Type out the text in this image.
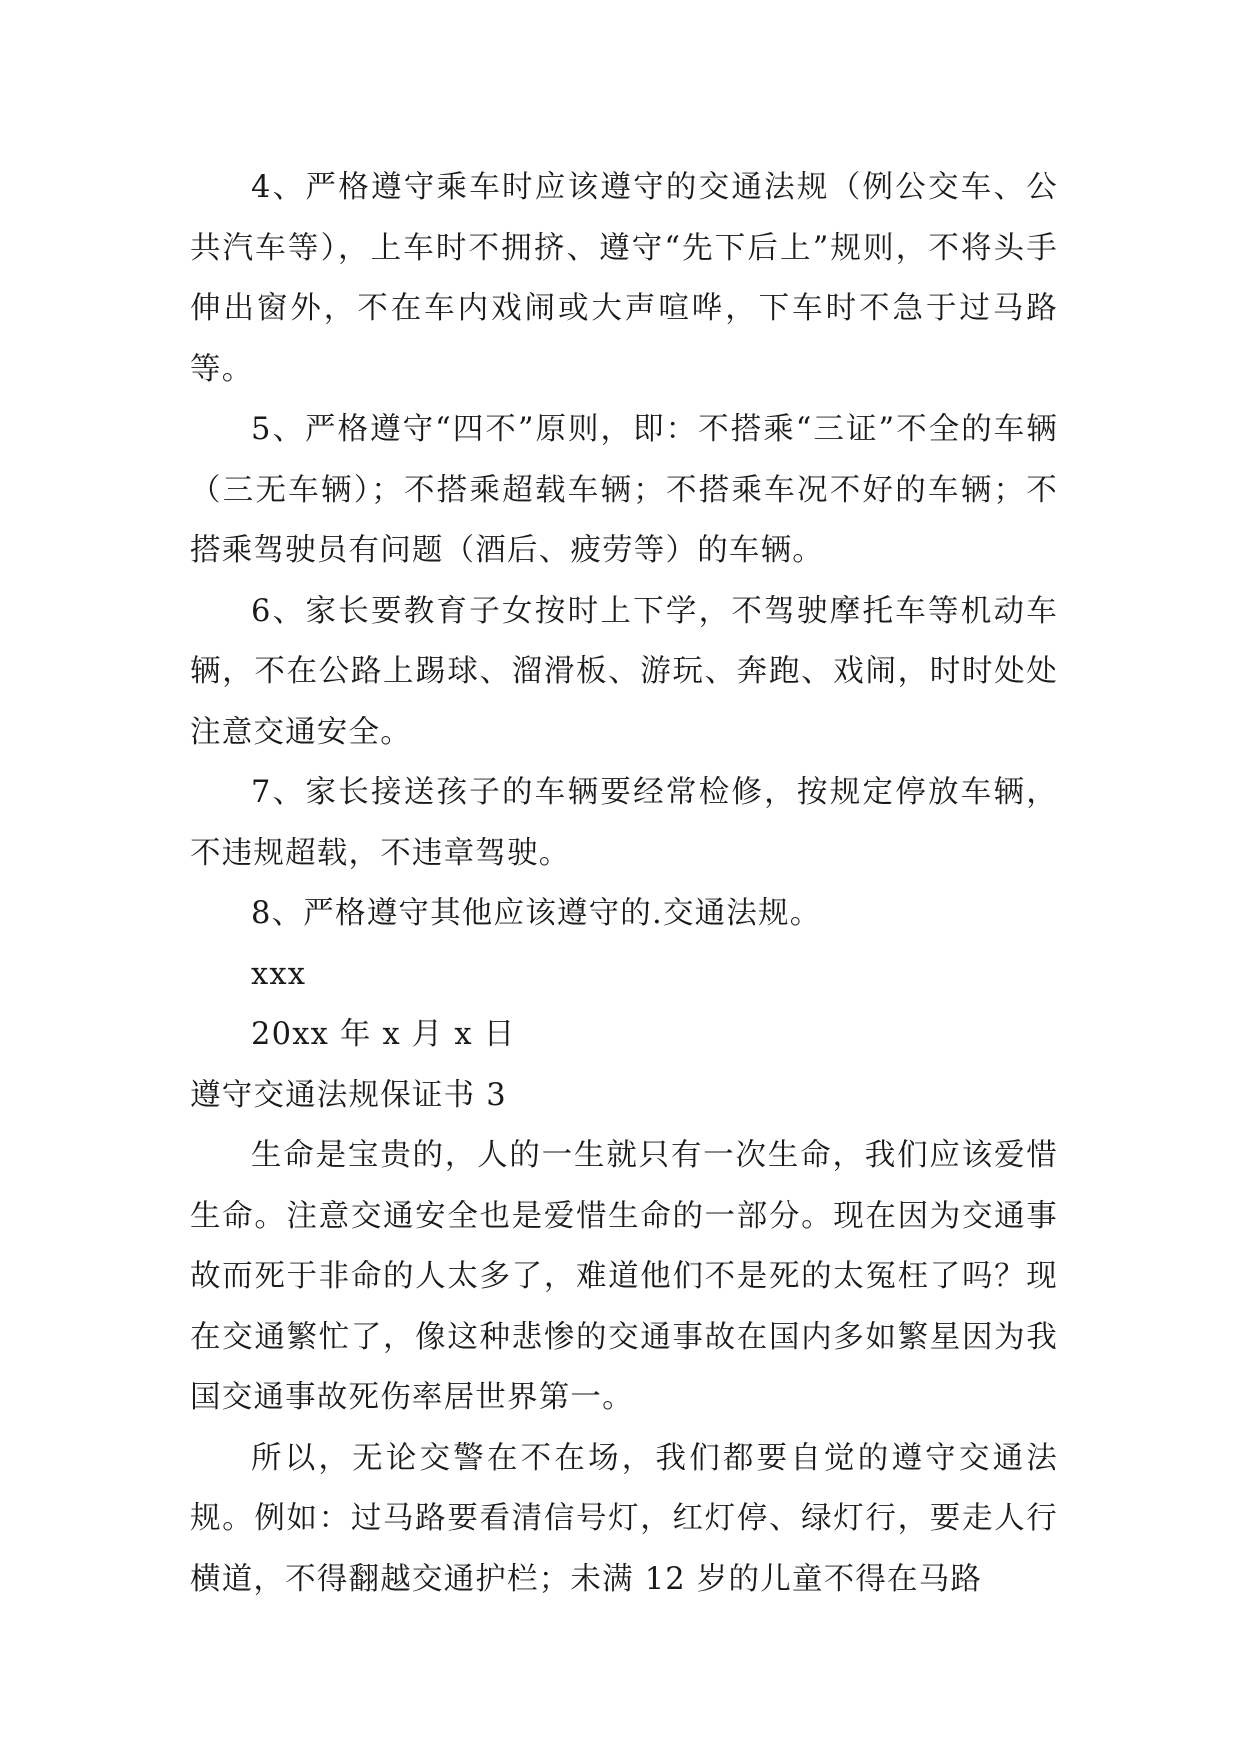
4、严格遵守乘车时应该遵守的交通法规（例公交车、公共汽车等），上车时不拥挤、遵守“先下后上”规则，不将头手伸出窗外，不在车内戏闹或大声喧哗，下车时不急于过马路等。

5、严格遵守“四不”原则，即：不搭乘“三证”不全的车辆（三无车辆）；不搭乘超载车辆；不搭乘车况不好的车辆；不搭乘驾驶员有问题（酒后、疲劳等）的车辆。

6、家长要教育子女按时上下学，不驾驶摩托车等机动车辆，不在公路上踢球、溜滑板、游玩、奔跑、戏闹，时时处处注意交通安全。

7、家长接送孩子的车辆要经常检修，按规定停放车辆，不违规超载，不违章驾驶。

8、严格遵守其他应该遵守的.交通法规。

xxx

20xx 年 x 月 x 日

遵守交通法规保证书 3

生命是宝贵的，人的一生就只有一次生命，我们应该爱惜生命。注意交通安全也是爱惜生命的一部分。现在因为交通事故而死于非命的人太多了，难道他们不是死的太冤枉了吗？现在交通繁忙了，像这种悲惨的交通事故在国内多如繁星因为我国交通事故死伤率居世界第一。

所以，无论交警在不在场，我们都要自觉的遵守交通法规。例如：过马路要看清信号灯，红灯停、绿灯行，要走人行横道，不得翻越交通护栏；未满 12 岁的儿童不得在马路
